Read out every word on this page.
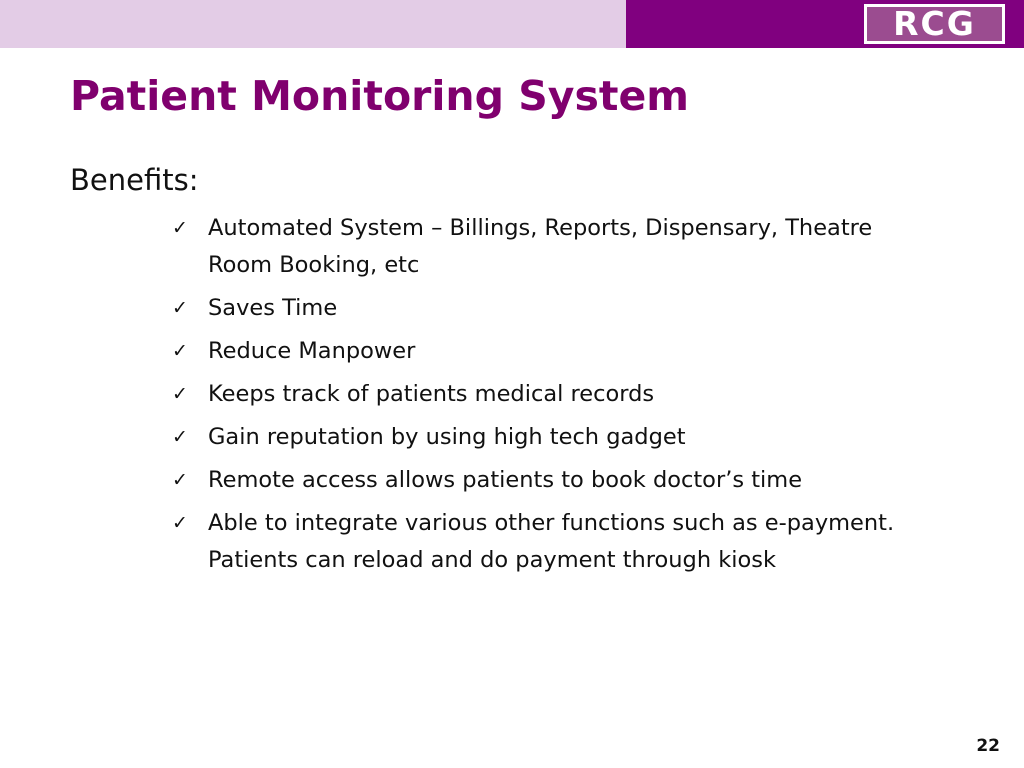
RCG
Patient Monitoring System
Benefits:
✓ Automated System – Billings, Reports, Dispensary, Theatre Room Booking, etc
✓ Saves Time
✓ Reduce Manpower
✓ Keeps track of patients medical records
✓ Gain reputation by using high tech gadget
✓ Remote access allows patients to book doctor’s time
✓ Able to integrate various other functions such as e-payment. Patients can reload and do payment through kiosk
22
